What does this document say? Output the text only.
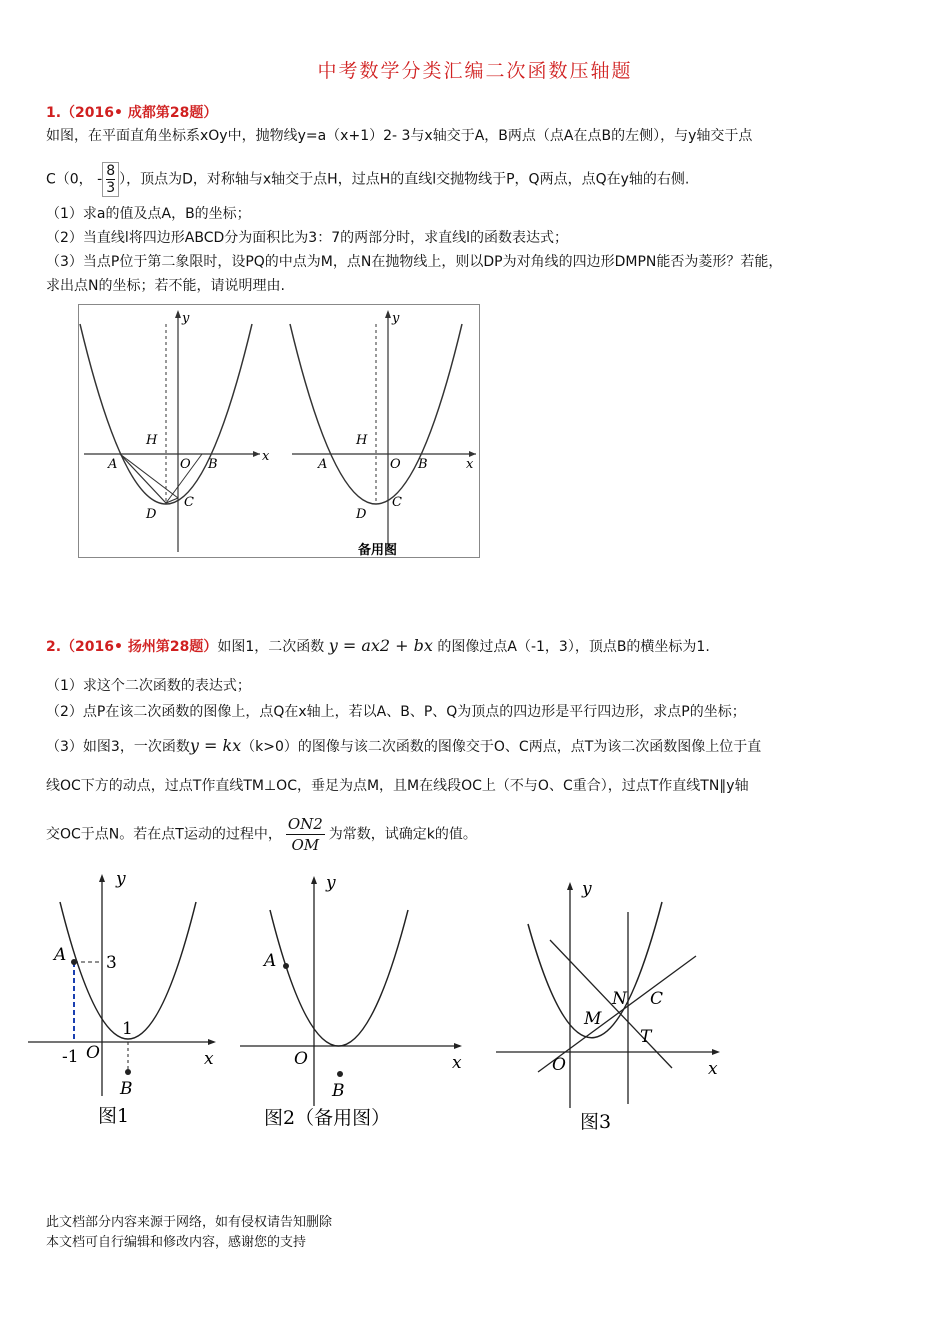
中考数学分类汇编二次函数压轴题
1.（2016• 成都第28题）
如图，在平面直角坐标系xOy中，抛物线y=a（x+1）2- 3与x轴交于A，B两点（点A在点B的左侧），与y轴交于点
C（0， - $\frac{8}{3}$ ），顶点为D，对称轴与x轴交于点H，过点H的直线l交抛物线于P，Q两点，点Q在y轴的右侧.
（1）求a的值及点A，B的坐标；
（2）当直线l将四边形ABCD分为面积比为3：7的两部分时，求直线l的函数表达式；
（3）当点P位于第二象限时，设PQ的中点为M，点N在抛物线上，则以DP为对角线的四边形DMPN能否为菱形？若能，
求出点N的坐标；若不能，请说明理由.
y
x
H
A	O B
C
D
y
x
H
A	O B
C
D
备用图
2.（2016• 扬州第28题）如图1，二次函数 y = ax2 + bx 的图像过点A（-1，3），顶点B的横坐标为1.
（1）求这个二次函数的表达式；
（2）点P在该二次函数的图像上，点Q在x轴上，若以A、B、P、Q为顶点的四边形是平行四边形，求点P的坐标；
（3）如图3，一次函数y = kx（k>0）的图像与该二次函数的图像交于O、C两点，点T为该二次函数图像上位于直
线OC下方的动点，过点T作直线TM⊥OC，垂足为点M，且M在线段OC上（不与O、C重合），过点T作直线TN∥y轴
交OC于点N。若在点T运动的过程中， $\frac{ON2}{OM}$ 为常数，试确定k的值。
y
x
A 3
1
-1 O
B
图1
y
x
A
O
B
图2（备用图）
y
x
N C
M
T
O
图3
此文档部分内容来源于网络，如有侵权请告知删除
本文档可自行编辑和修改内容，感谢您的支持
